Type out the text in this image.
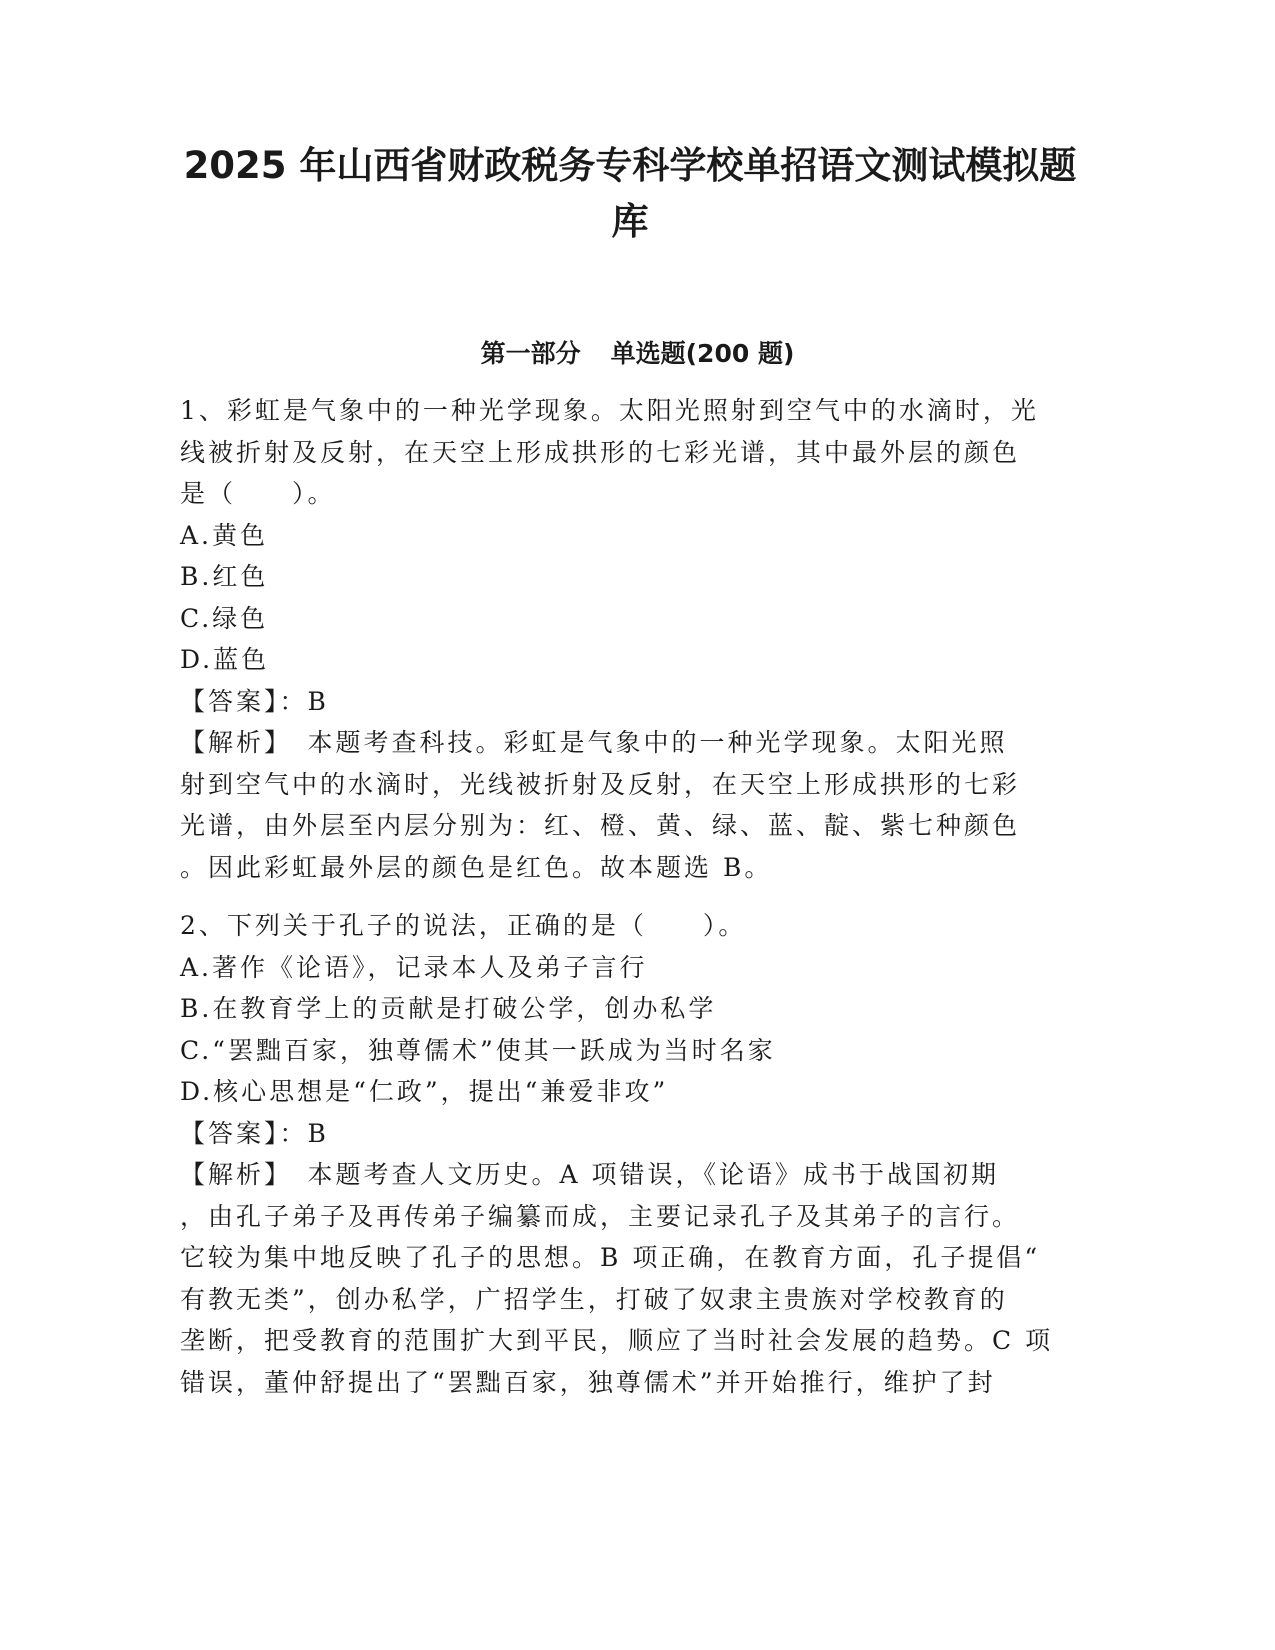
2025 年山西省财政税务专科学校单招语文测试模拟题
库
第一部分 单选题(200 题)
1、彩虹是气象中的一种光学现象。太阳光照射到空气中的水滴时，光
线被折射及反射，在天空上形成拱形的七彩光谱，其中最外层的颜色
是（　　）。
A.黄色
B.红色
C.绿色
D.蓝色
【答案】：B
【解析】　本题考查科技。彩虹是气象中的一种光学现象。太阳光照
射到空气中的水滴时，光线被折射及反射，在天空上形成拱形的七彩
光谱，由外层至内层分别为：红、橙、黄、绿、蓝、靛、紫七种颜色
。因此彩虹最外层的颜色是红色。故本题选 B。
2、下列关于孔子的说法，正确的是（　　）。
A.著作《论语》，记录本人及弟子言行
B.在教育学上的贡献是打破公学，创办私学
C.“罢黜百家，独尊儒术”使其一跃成为当时名家
D.核心思想是“仁政”，提出“兼爱非攻”
【答案】：B
【解析】　本题考查人文历史。A 项错误，《论语》成书于战国初期
，由孔子弟子及再传弟子编纂而成，主要记录孔子及其弟子的言行。
它较为集中地反映了孔子的思想。B 项正确，在教育方面，孔子提倡“
有教无类”，创办私学，广招学生，打破了奴隶主贵族对学校教育的
垄断，把受教育的范围扩大到平民，顺应了当时社会发展的趋势。C 项
错误，董仲舒提出了“罢黜百家，独尊儒术”并开始推行，维护了封
